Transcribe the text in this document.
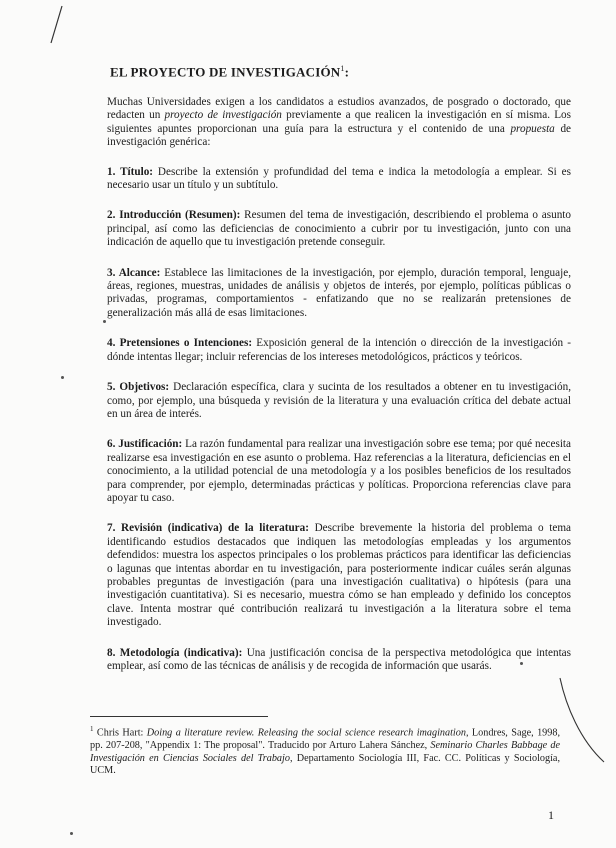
EL PROYECTO DE INVESTIGACIÓN$^1$:

Muchas Universidades exigen a los candidatos a estudios avanzados, de posgrado o doctorado, que redacten un proyecto de investigación previamente a que realicen la investigación en sí misma. Los siguientes apuntes proporcionan una guía para la estructura y el contenido de una propuesta de investigación genérica:

1. Título: Describe la extensión y profundidad del tema e indica la metodología a emplear. Si es necesario usar un título y un subtítulo.

2. Introducción (Resumen): Resumen del tema de investigación, describiendo el problema o asunto principal, así como las deficiencias de conocimiento a cubrir por tu investigación, junto con una indicación de aquello que tu investigación pretende conseguir.

3. Alcance: Establece las limitaciones de la investigación, por ejemplo, duración temporal, lenguaje, áreas, regiones, muestras, unidades de análisis y objetos de interés, por ejemplo, políticas públicas o privadas, programas, comportamientos - enfatizando que no se realizarán pretensiones de generalización más allá de esas limitaciones.

4. Pretensiones o Intenciones: Exposición general de la intención o dirección de la investigación - dónde intentas llegar; incluir referencias de los intereses metodológicos, prácticos y teóricos.

5. Objetivos: Declaración específica, clara y sucinta de los resultados a obtener en tu investigación, como, por ejemplo, una búsqueda y revisión de la literatura y una evaluación crítica del debate actual en un área de interés.

6. Justificación: La razón fundamental para realizar una investigación sobre ese tema; por qué necesita realizarse esa investigación en ese asunto o problema. Haz referencias a la literatura, deficiencias en el conocimiento, a la utilidad potencial de una metodología y a los posibles beneficios de los resultados para comprender, por ejemplo, determinadas prácticas y políticas. Proporciona referencias clave para apoyar tu caso.

7. Revisión (indicativa) de la literatura: Describe brevemente la historia del problema o tema identificando estudios destacados que indiquen las metodologías empleadas y los argumentos defendidos: muestra los aspectos principales o los problemas prácticos para identificar las deficiencias o lagunas que intentas abordar en tu investigación, para posteriormente indicar cuáles serán algunas probables preguntas de investigación (para una investigación cualitativa) o hipótesis (para una investigación cuantitativa). Si es necesario, muestra cómo se han empleado y definido los conceptos clave. Intenta mostrar qué contribución realizará tu investigación a la literatura sobre el tema investigado.

8. Metodología (indicativa): Una justificación concisa de la perspectiva metodológica que intentas emplear, así como de las técnicas de análisis y de recogida de información que usarás.

$^1$ Chris Hart: Doing a literature review. Releasing the social science research imagination, Londres, Sage, 1998, pp. 207-208, "Appendix 1: The proposal". Traducido por Arturo Lahera Sánchez, Seminario Charles Babbage de Investigación en Ciencias Sociales del Trabajo, Departamento Sociología III, Fac. CC. Políticas y Sociología, UCM.

1
